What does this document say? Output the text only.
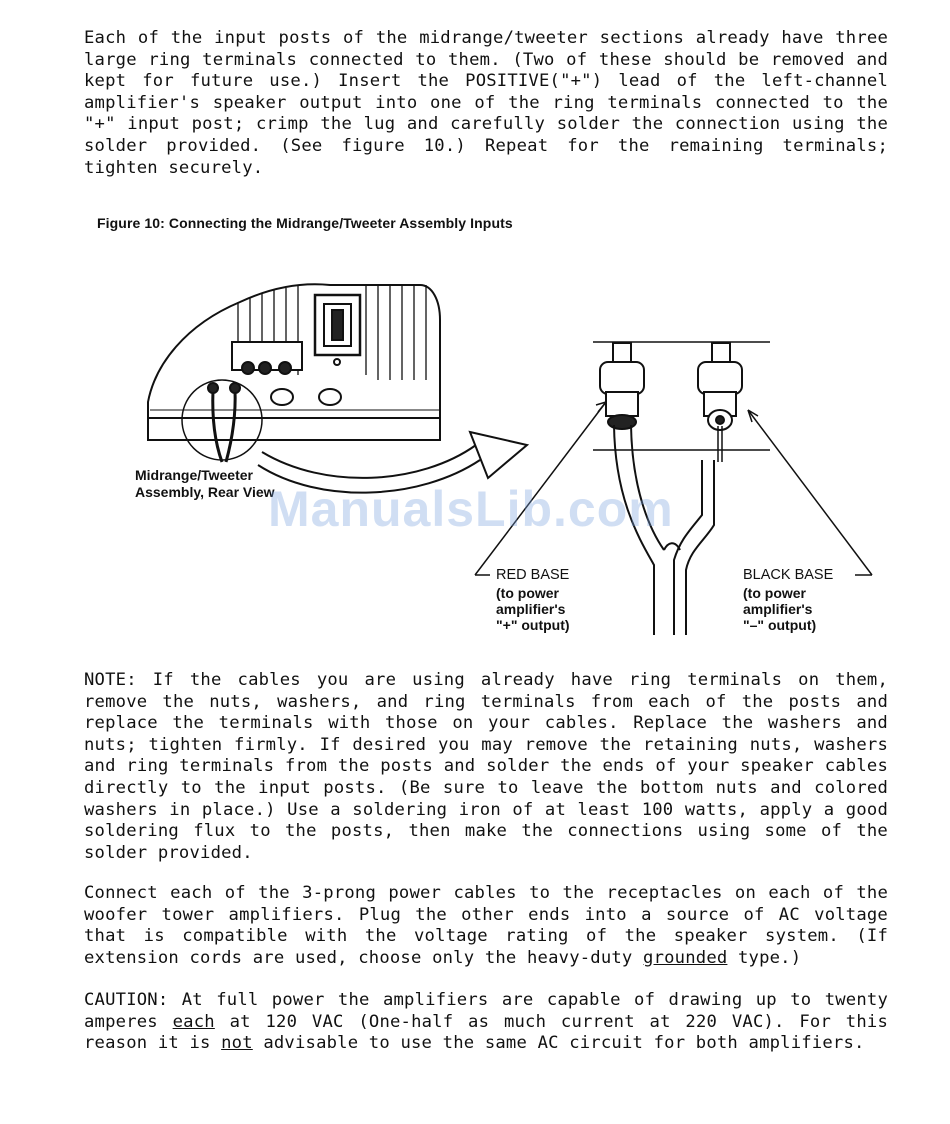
Each of the input posts of the midrange/tweeter sections already have three large ring terminals connected to them. (Two of these should be removed and kept for future use.) Insert the POSITIVE("+") lead of the left-channel amplifier's speaker output into one of the ring terminals connected to the "+" input post; crimp the lug and carefully solder the connection using the solder provided. (See figure 10.) Repeat for the remaining terminals; tighten securely.

Figure 10: Connecting the Midrange/Tweeter Assembly Inputs

Midrange/Tweeter

Assembly, Rear View

RED BASE

(to power

amplifier's

"+" output)

BLACK BASE

(to power

amplifier's

"–" output)

ManualsLib.com

NOTE: If the cables you are using already have ring terminals on them, remove the nuts, washers, and ring terminals from each of the posts and replace the terminals with those on your cables. Replace the washers and nuts; tighten firmly. If desired you may remove the retaining nuts, washers and ring terminals from the posts and solder the ends of your speaker cables directly to the input posts. (Be sure to leave the bottom nuts and colored washers in place.) Use a soldering iron of at least 100 watts, apply a good soldering flux to the posts, then make the connections using some of the solder provided.

Connect each of the 3-prong power cables to the receptacles on each of the woofer tower amplifiers. Plug the other ends into a source of AC voltage that is compatible with the voltage rating of the speaker system. (If extension cords are used, choose only the heavy-duty grounded type.)

CAUTION: At full power the amplifiers are capable of drawing up to twenty amperes each at 120 VAC (One-half as much current at 220 VAC). For this reason it is not advisable to use the same AC circuit for both amplifiers.
